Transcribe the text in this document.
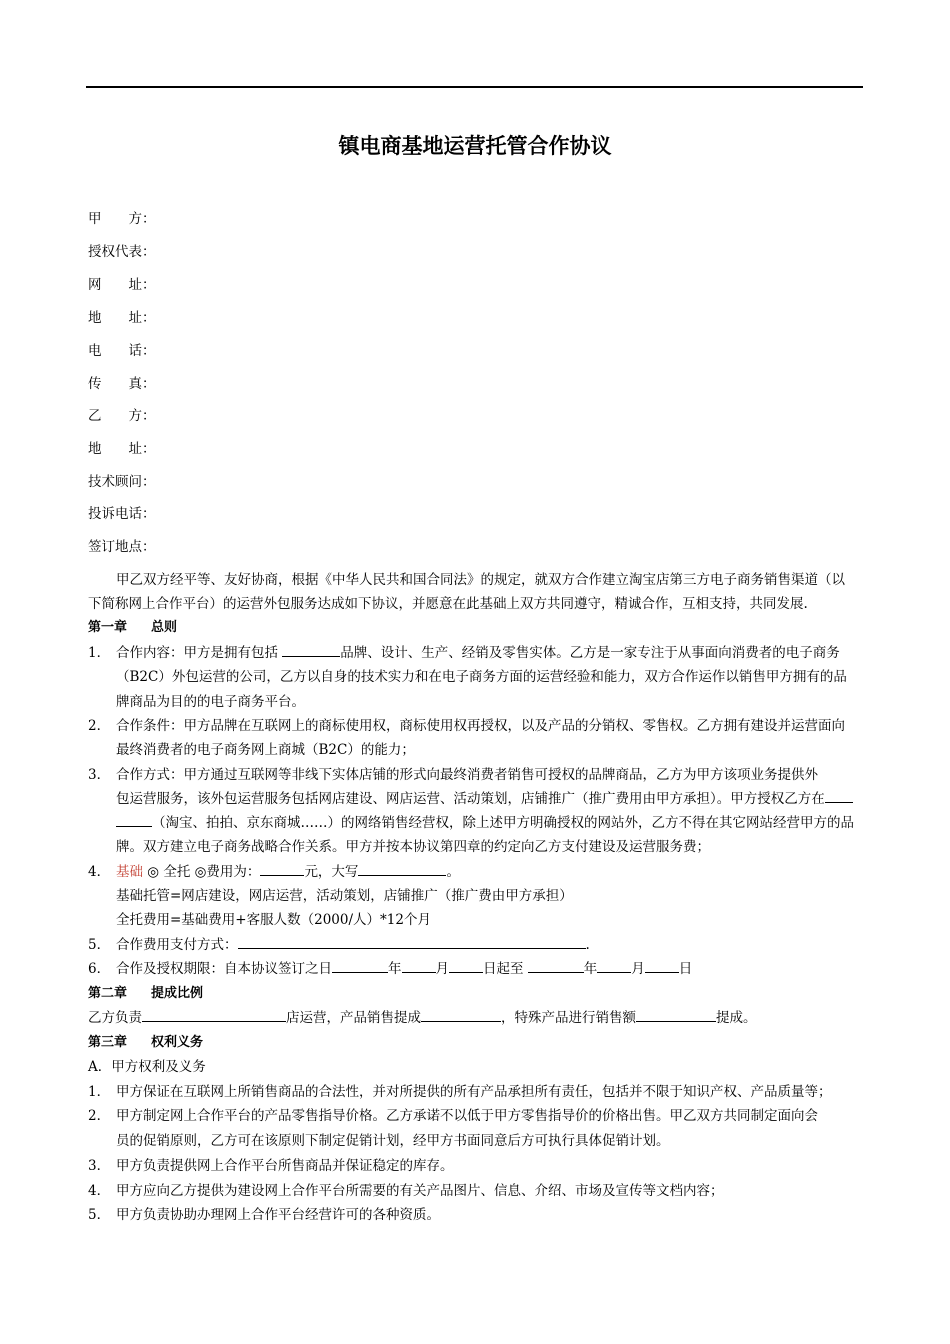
镇电商基地运营托管合作协议
甲　　方：
授权代表：
网　　址：
地　　址：
电　　话：
传　　真：
乙　　方：
地　　址：
技术顾问：
投诉电话：
签订地点：
甲乙双方经平等、友好协商，根据《中华人民共和国合同法》的规定，就双方合作建立淘宝店第三方电子商务销售渠道（以
下简称网上合作平台）的运营外包服务达成如下协议，并愿意在此基础上双方共同遵守，精诚合作，互相支持，共同发展.
第一章 总则
1． 合作内容：甲方是拥有包括	品牌、设计、生产、经销及零售实体。乙方是一家专注于从事面向消费者的电子商务
（B2C）外包运营的公司，乙方以自身的技术实力和在电子商务方面的运营经验和能力，双方合作运作以销售甲方拥有的品
牌商品为目的的电子商务平台。
2． 合作条件：甲方品牌在互联网上的商标使用权，商标使用权再授权，以及产品的分销权、零售权。乙方拥有建设并运营面向
最终消费者的电子商务网上商城（B2C）的能力；
3． 合作方式：甲方通过互联网等非线下实体店铺的形式向最终消费者销售可授权的品牌商品，乙方为甲方该项业务提供外
包运营服务，该外包运营服务包括网店建设、网店运营、活动策划，店铺推广（推广费用由甲方承担）。甲方授权乙方在
（淘宝、拍拍、京东商城……）的网络销售经营权，除上述甲方明确授权的网站外，乙方不得在其它网站经营甲方的品
牌。双方建立电子商务战略合作关系。甲方并按本协议第四章的约定向乙方支付建设及运营服务费；
4． 基础 ◎ 全托 ◎费用为：	元，大写	。
基础托管=网店建设，网店运营，活动策划，店铺推广（推广费由甲方承担）
全托费用=基础费用+客服人数（2000/人）*12个月
5． 合作费用支付方式：	.
6． 合作及授权期限：自本协议签订之日	年	月	日起至	年	月	日
第二章 提成比例
乙方负责	店运营，产品销售提成	，特殊产品进行销售额	提成。
第三章 权利义务
A．甲方权利及义务
1． 甲方保证在互联网上所销售商品的合法性，并对所提供的所有产品承担所有责任，包括并不限于知识产权、产品质量等；
2． 甲方制定网上合作平台的产品零售指导价格。乙方承诺不以低于甲方零售指导价的价格出售。甲乙双方共同制定面向会
员的促销原则，乙方可在该原则下制定促销计划，经甲方书面同意后方可执行具体促销计划。
3． 甲方负责提供网上合作平台所售商品并保证稳定的库存。
4． 甲方应向乙方提供为建设网上合作平台所需要的有关产品图片、信息、介绍、市场及宣传等文档内容；
5． 甲方负责协助办理网上合作平台经营许可的各种资质。
